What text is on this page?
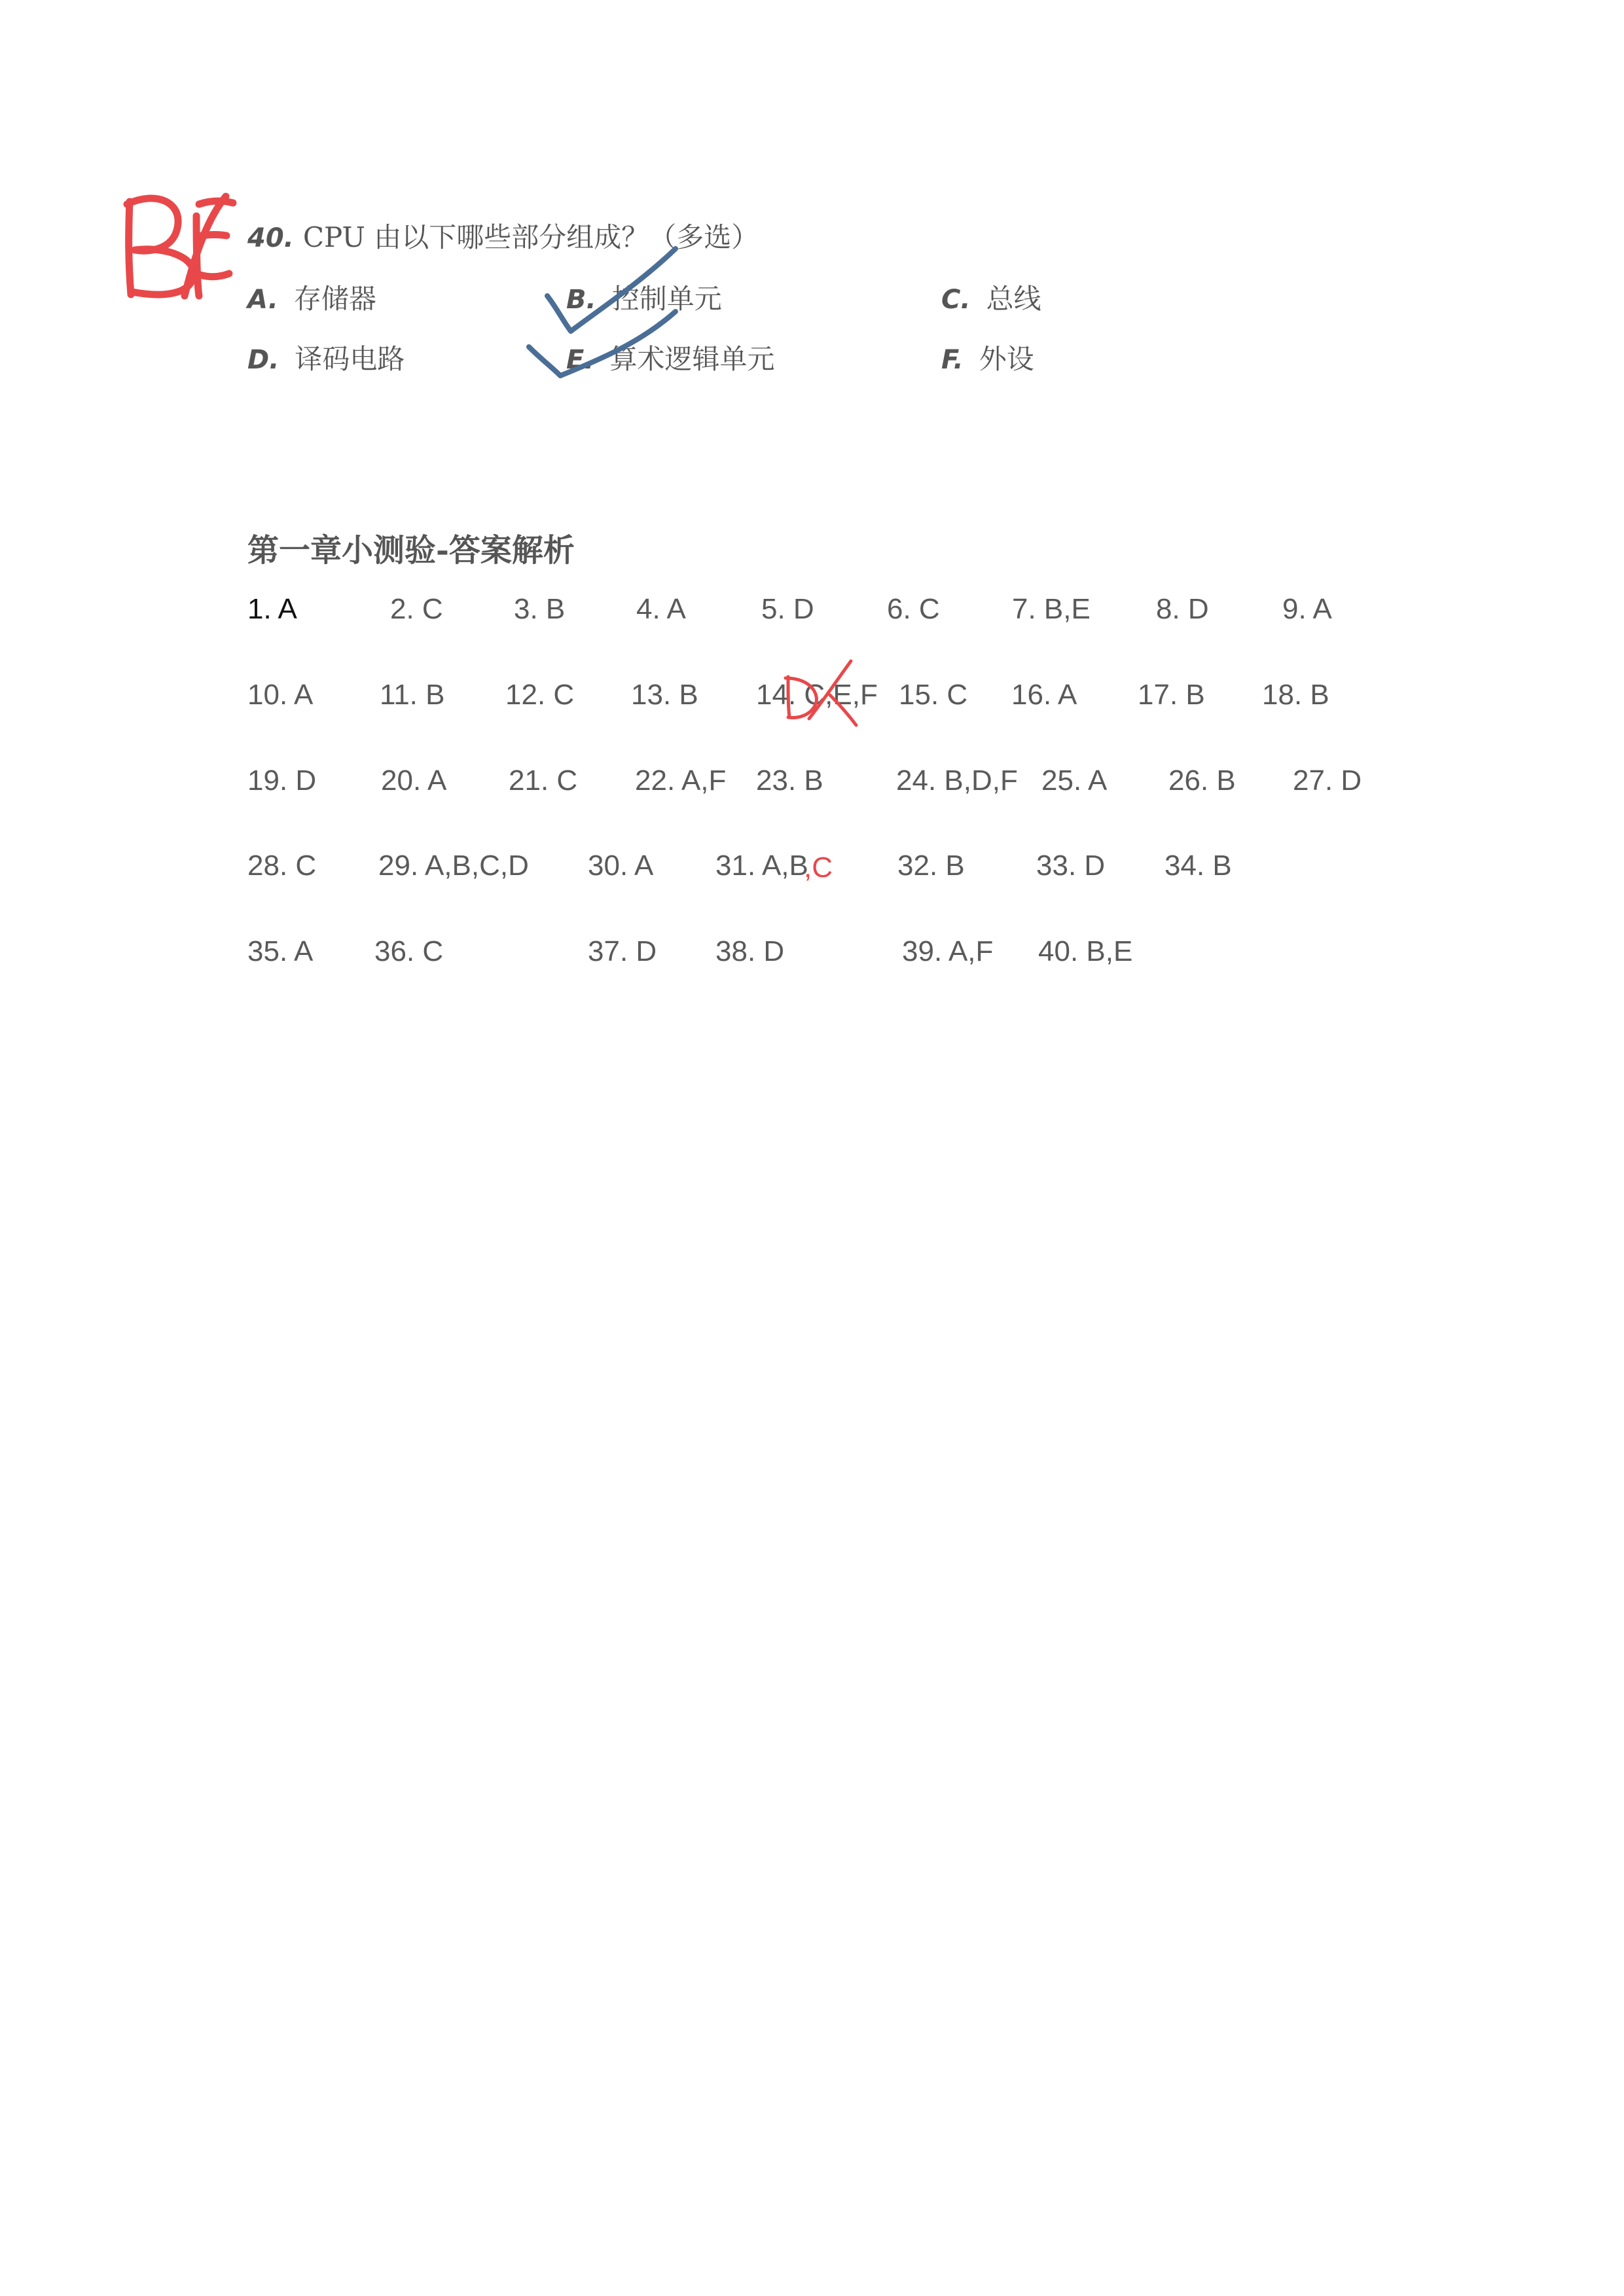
40. CPU 由以下哪些部分组成？（多选）
A. 存储器	B. 控制单元	C. 总线
D. 译码电路	E. 算术逻辑单元	F. 外设
第一章小测验-答案解析
1. A	2. C 3. B 4. A	5. D	6. C	7. B,E 8. D	9. A
10. A 11. B 12. C 13. B 14. C,E,F 15. C 16. A 17. B 18. B
19. D 20. A 21. C 22. A,F 23. B	24. B,D,F 25. A 26. B 27. D
28. C 29. A,B,C,D 30. A 31. A,B	32. B 33. D 34. B
35. A 36. C	37. D 38. D	39. A,F 40. B,E
,C
